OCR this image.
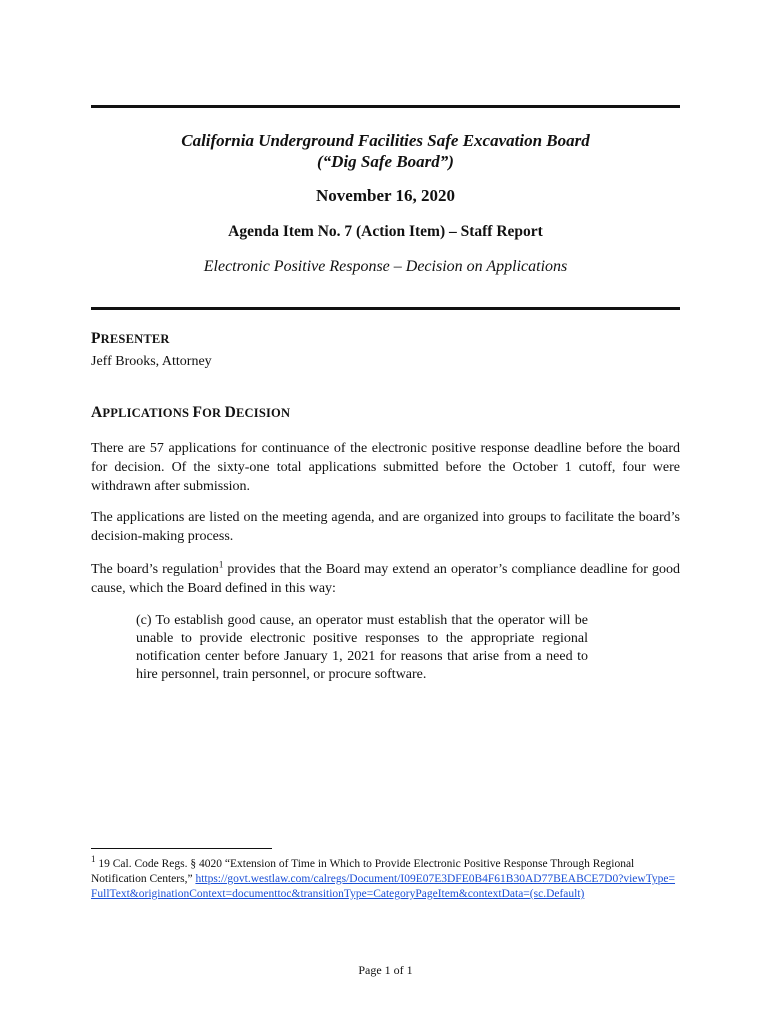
California Underground Facilities Safe Excavation Board
(“Dig Safe Board”)
November 16, 2020
Agenda Item No. 7 (Action Item) – Staff Report
Electronic Positive Response – Decision on Applications
PRESENTER

Jeff Brooks, Attorney

APPLICATIONS FOR DECISION

There are 57 applications for continuance of the electronic positive response deadline before the board for decision. Of the sixty-one total applications submitted before the October 1 cutoff, four were withdrawn after submission.

The applications are listed on the meeting agenda, and are organized into groups to facilitate the board’s decision-making process.

The board’s regulation$^1$ provides that the Board may extend an operator’s compliance deadline for good cause, which the Board defined in this way:

(c) To establish good cause, an operator must establish that the operator will be unable to provide electronic positive responses to the appropriate regional notification center before January 1, 2021 for reasons that arise from a need to hire personnel, train personnel, or procure software.

$^1$ 19 Cal. Code Regs. § 4020 “Extension of Time in Which to Provide Electronic Positive Response Through Regional Notification Centers,” https://govt.westlaw.com/calregs/Document/I09E07E3DFE0B4F61B30AD77BEABCE7D0?viewType=FullText&originationContext=documenttoc&transitionType=CategoryPageItem&contextData=(sc.Default)

Page 1 of 1
